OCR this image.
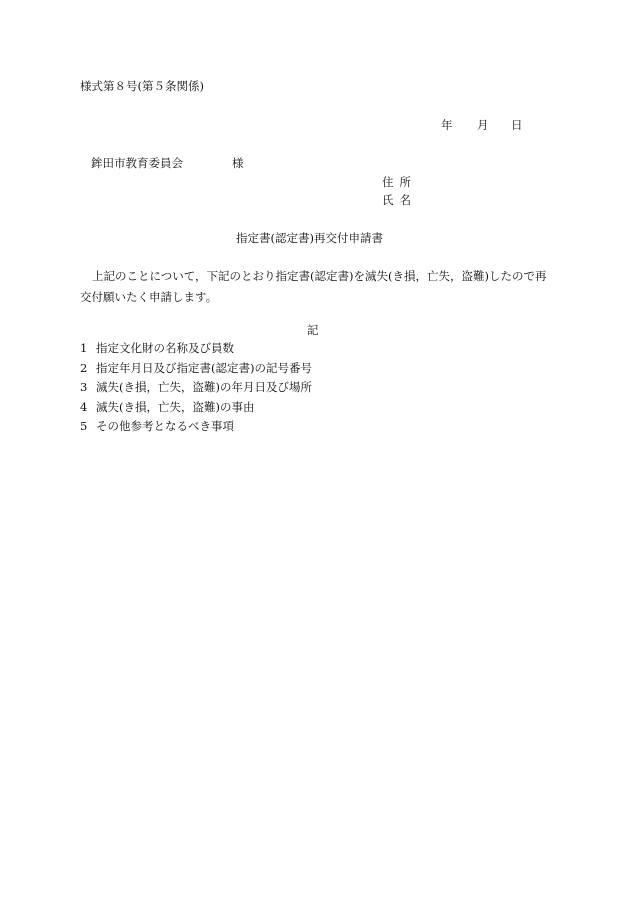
様式第８号(第５条関係)
年 月 日
鉾田市教育委員会	様
住所
氏名
指定書(認定書)再交付申請書
上記のことについて，下記のとおり指定書(認定書)を滅失(き損，亡失，盗難)したので再交付願いたく申請します。
記
1 指定文化財の名称及び員数
2 指定年月日及び指定書(認定書)の記号番号
3 滅失(き損，亡失，盗難)の年月日及び場所
4 滅失(き損，亡失，盗難)の事由
5 その他参考となるべき事項
